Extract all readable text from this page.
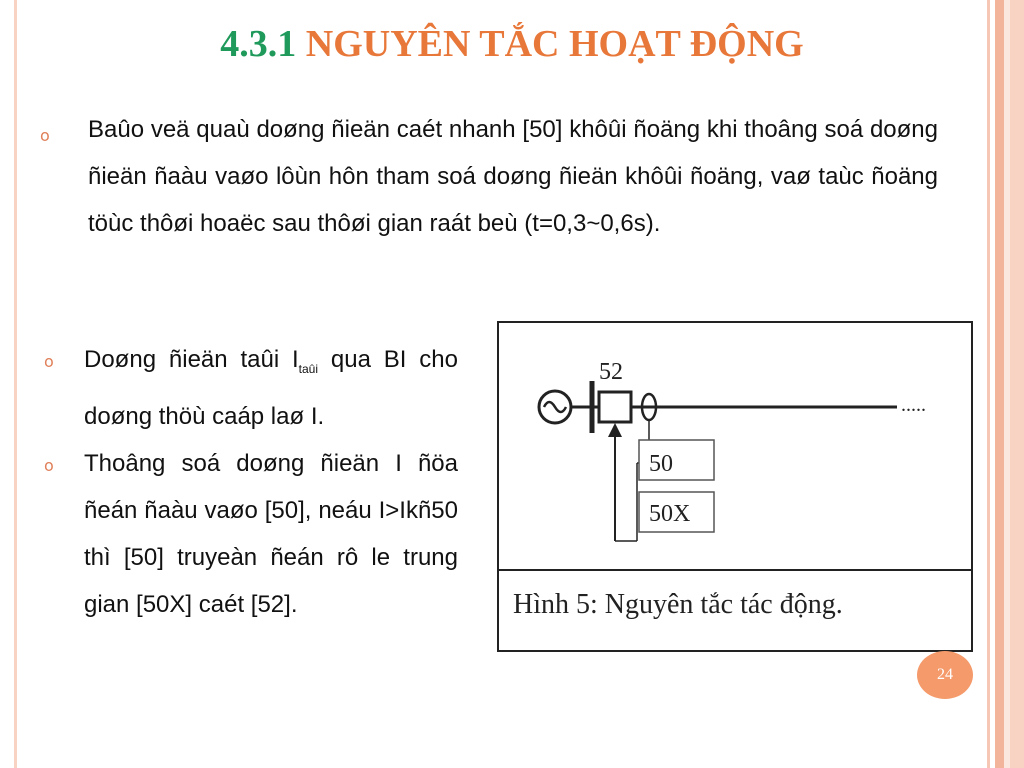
4.3.1 NGUYÊN TẮC HOẠT ĐỘNG
o Baûo veä quaù doøng ñieän caét nhanh [50] khôûi ñoäng khi thoâng soá doøng ñieän ñaàu vaøo lôùn hôn tham soá doøng ñieän khôûi ñoäng, vaø taùc ñoäng töùc thôøi hoaëc sau thôøi gian raát beù (t=0,3~0,6s).
o Doøng ñieän taûi $I_{taûi}$ qua BI cho doøng thöù caáp laø I.
o Thoâng soá doøng ñieän I ñöa ñeán ñaàu vaøo [50], neáu I>Ikñ50 thì [50] truyeàn ñeán rô le trung gian [50X] caét [52].
52
.....
50
50X
Hình 5: Nguyên tắc tác động.
24
